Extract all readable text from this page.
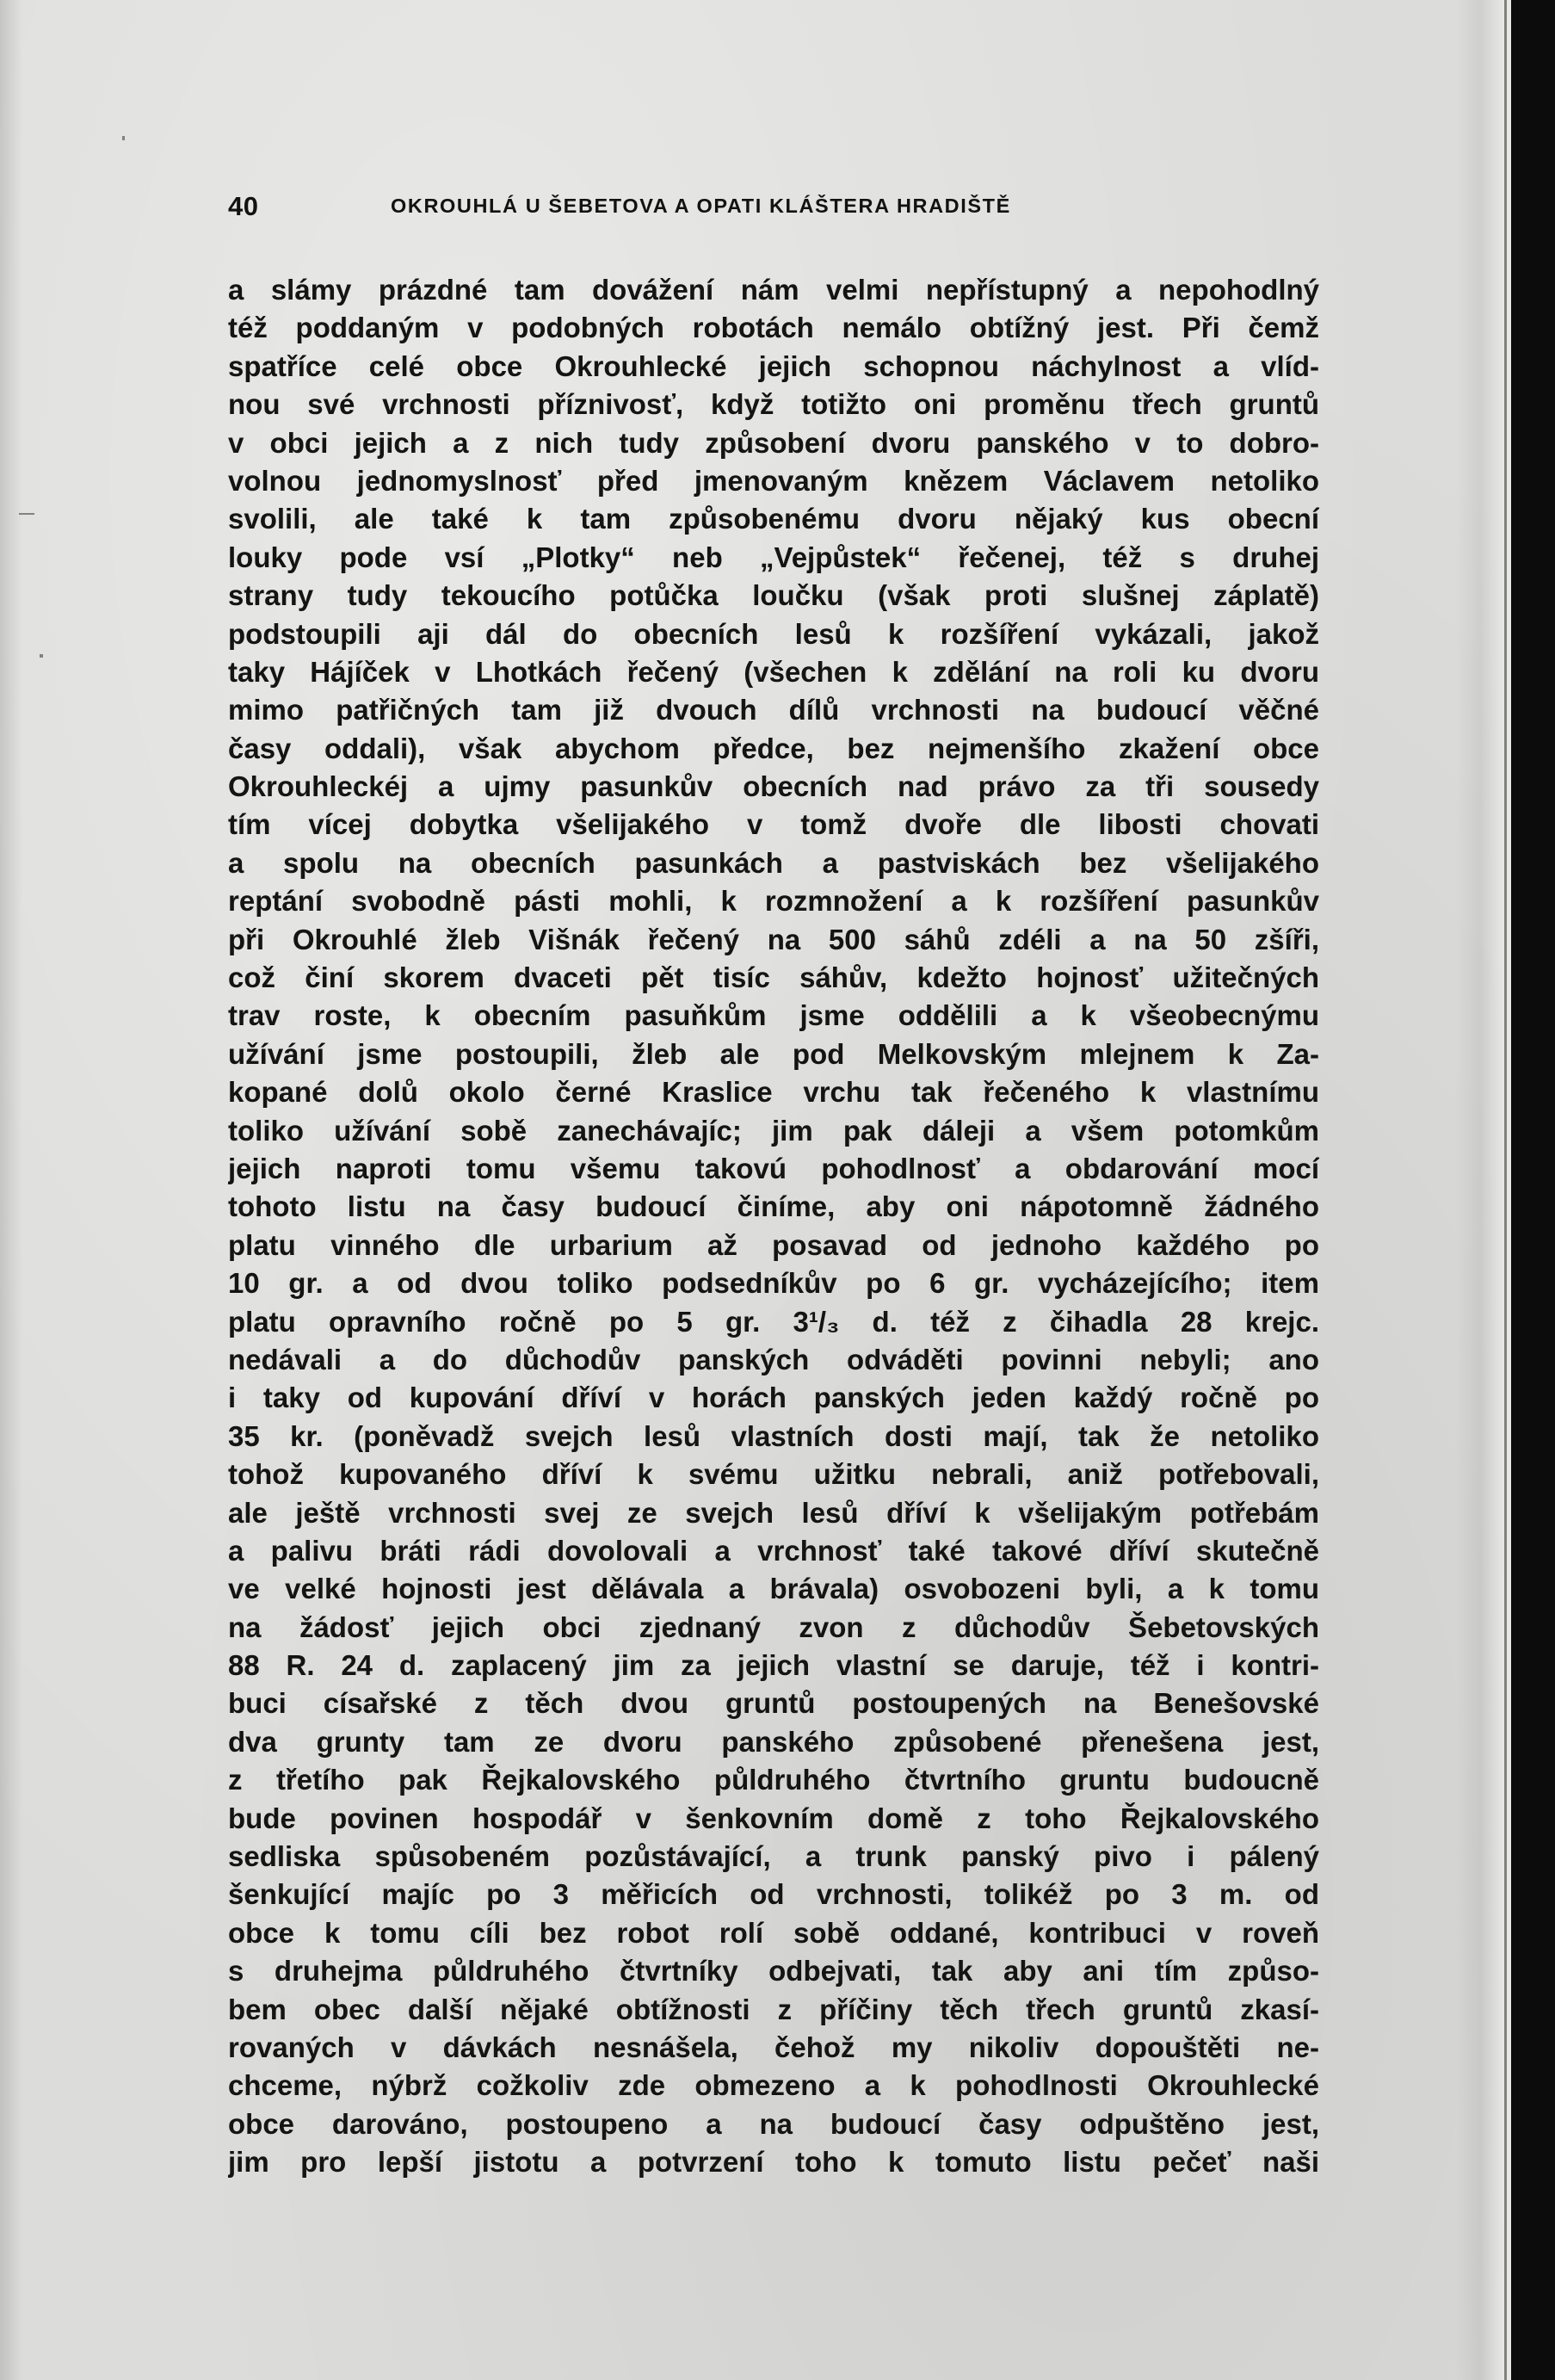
40	OKROUHLÁ U ŠEBETOVA A OPATI KLÁŠTERA HRADIŠTĚ
a slámy prázdné tam dovážení nám velmi nepřístupný a nepohodlný
též poddaným v podobných robotách nemálo obtížný jest. Při čemž
spatříce celé obce Okrouhlecké jejich schopnou náchylnost a vlíd-
nou své vrchnosti příznivosť, když totižto oni proměnu třech gruntů
v obci jejich a z nich tudy způsobení dvoru panského v to dobro-
volnou jednomyslnosť před jmenovaným knězem Václavem netoliko
svolili, ale také k tam způsobenému dvoru nějaký kus obecní
louky pode vsí „Plotky“ neb „Vejpůstek“ řečenej, též s druhej
strany tudy tekoucího potůčka loučku (však proti slušnej záplatě)
podstoupili aji dál do obecních lesů k rozšíření vykázali, jakož
taky Hájíček v Lhotkách řečený (všechen k zdělání na roli ku dvoru
mimo patřičných tam již dvouch dílů vrchnosti na budoucí věčné
časy oddali), však abychom předce, bez nejmenšího zkažení obce
Okrouhleckéj a ujmy pasunkův obecních nad právo za tři sousedy
tím vícej dobytka všelijakého v tomž dvoře dle libosti chovati
a spolu na obecních pasunkách a pastviskách bez všelijakého
reptání svobodně pásti mohli, k rozmnožení a k rozšíření pasunkův
při Okrouhlé žleb Višnák řečený na 500 sáhů zdéli a na 50 zšíři,
což činí skorem dvaceti pět tisíc sáhův, kdežto hojnosť užitečných
trav roste, k obecním pasuňkům jsme oddělili a k všeobecnýmu
užívání jsme postoupili, žleb ale pod Melkovským mlejnem k Za-
kopané dolů okolo černé Kraslice vrchu tak řečeného k vlastnímu
toliko užívání sobě zanechávajíc; jim pak dáleji a všem potomkům
jejich naproti tomu všemu takovú pohodlnosť a obdarování mocí
tohoto listu na časy budoucí činíme, aby oni nápotomně žádného
platu vinného dle urbarium až posavad od jednoho každého po
10 gr. a od dvou toliko podsedníkův po 6 gr. vycházejícího; item
platu opravního ročně po 5 gr. 3¹/₃ d. též z čihadla 28 krejc.
nedávali a do důchodův panských odváděti povinni nebyli; ano
i taky od kupování dříví v horách panských jeden každý ročně po
35 kr. (poněvadž svejch lesů vlastních dosti mají, tak že netoliko
tohož kupovaného dříví k svému užitku nebrali, aniž potřebovali,
ale ještě vrchnosti svej ze svejch lesů dříví k všelijakým potřebám
a palivu bráti rádi dovolovali a vrchnosť také takové dříví skutečně
ve velké hojnosti jest dělávala a brávala) osvobozeni byli, a k tomu
na žádosť jejich obci zjednaný zvon z důchodův Šebetovských
88 R. 24 d. zaplacený jim za jejich vlastní se daruje, též i kontri-
buci císařské z těch dvou gruntů postoupených na Benešovské
dva grunty tam ze dvoru panského způsobené přenešena jest,
z třetího pak Řejkalovského půldruhého čtvrtního gruntu budoucně
bude povinen hospodář v šenkovním domě z toho Řejkalovského
sedliska spůsobeném pozůstávající, a trunk panský pivo i pálený
šenkující majíc po 3 měřicích od vrchnosti, tolikéž po 3 m. od
obce k tomu cíli bez robot rolí sobě oddané, kontribuci v roveň
s druhejma půldruhého čtvrtníky odbejvati, tak aby ani tím způso-
bem obec další nějaké obtížnosti z příčiny těch třech gruntů zkasí-
rovaných v dávkách nesnášela, čehož my nikoliv dopouštěti ne-
chceme, nýbrž cožkoliv zde obmezeno a k pohodlnosti Okrouhlecké
obce darováno, postoupeno a na budoucí časy odpuštěno jest,
jim pro lepší jistotu a potvrzení toho k tomuto listu pečeť naši
